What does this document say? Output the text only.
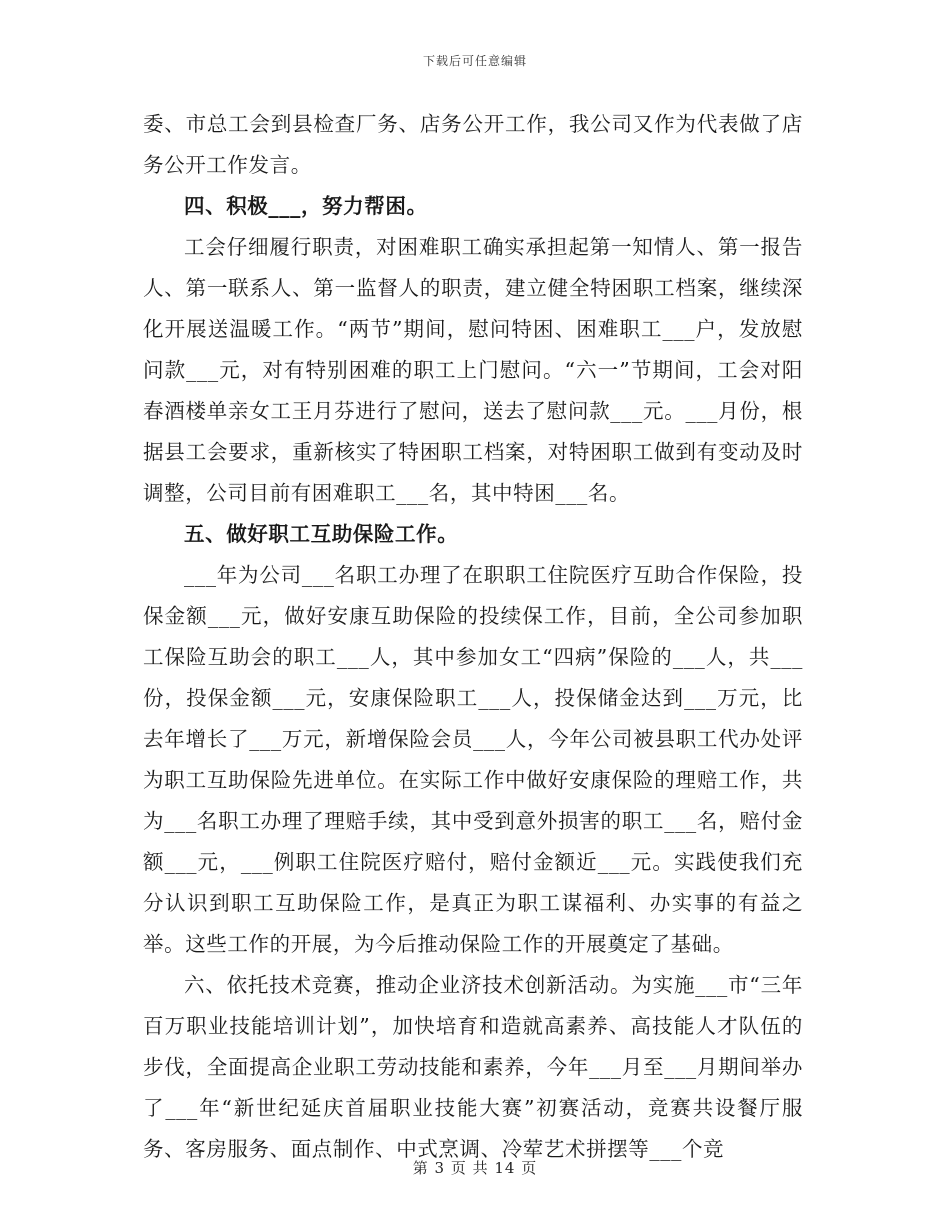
下载后可任意编辑

委、市总工会到县检查厂务、店务公开工作，我公司又作为代表做了店务公开工作发言。

四、积极___，努力帮困。

工会仔细履行职责，对困难职工确实承担起第一知情人、第一报告人、第一联系人、第一监督人的职责，建立健全特困职工档案，继续深化开展送温暖工作。“两节”期间，慰问特困、困难职工___户，发放慰问款___元，对有特别困难的职工上门慰问。“六一”节期间，工会对阳春酒楼单亲女工王月芬进行了慰问，送去了慰问款___元。___月份，根据县工会要求，重新核实了特困职工档案，对特困职工做到有变动及时调整，公司目前有困难职工___名，其中特困___名。

五、做好职工互助保险工作。

___年为公司___名职工办理了在职职工住院医疗互助合作保险，投保金额___元，做好安康互助保险的投续保工作，目前，全公司参加职工保险互助会的职工___人，其中参加女工“四病”保险的___人，共___份，投保金额___元，安康保险职工___人，投保储金达到___万元，比去年增长了___万元，新增保险会员___人，今年公司被县职工代办处评为职工互助保险先进单位。在实际工作中做好安康保险的理赔工作，共为___名职工办理了理赔手续，其中受到意外损害的职工___名，赔付金额___元，___例职工住院医疗赔付，赔付金额近___元。实践使我们充分认识到职工互助保险工作，是真正为职工谋福利、办实事的有益之举。这些工作的开展，为今后推动保险工作的开展奠定了基础。

六、依托技术竞赛，推动企业济技术创新活动。为实施___市“三年百万职业技能培训计划”，加快培育和造就高素养、高技能人才队伍的步伐，全面提高企业职工劳动技能和素养，今年___月至___月期间举办了___年“新世纪延庆首届职业技能大赛”初赛活动，竞赛共设餐厅服务、客房服务、面点制作、中式烹调、冷荤艺术拼摆等___个竞

第 3 页 共 14 页
